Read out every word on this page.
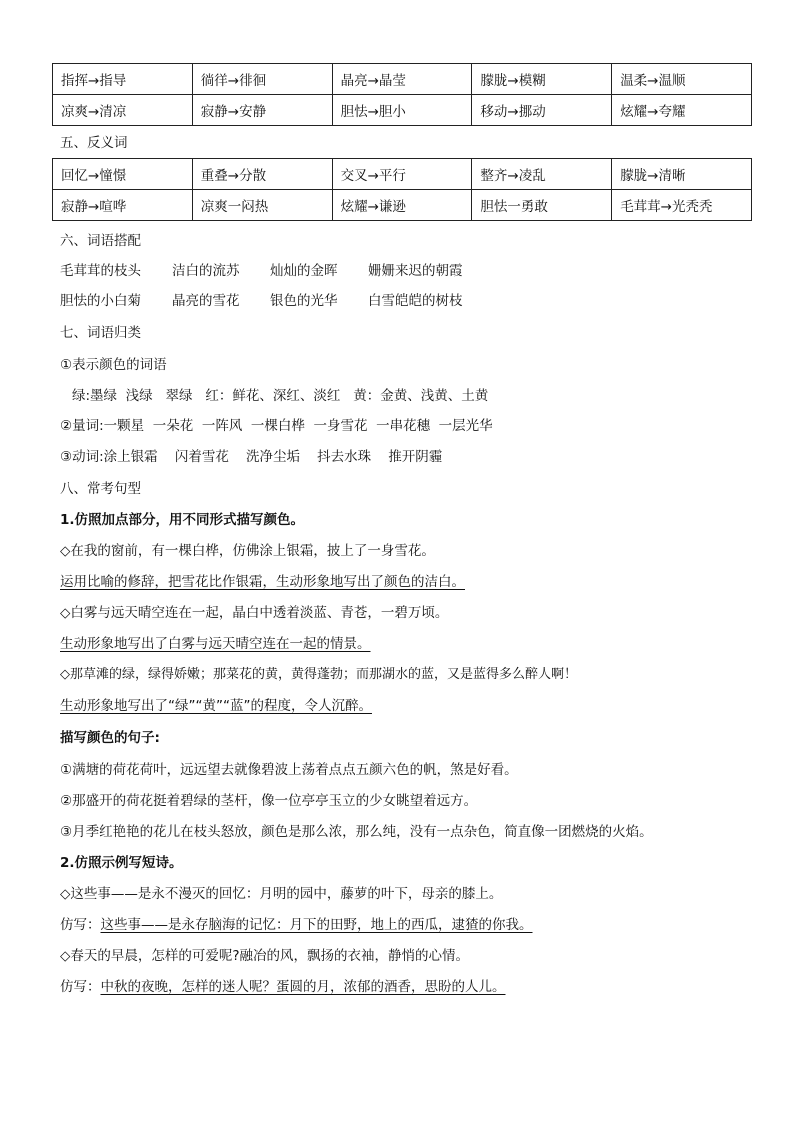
指挥→指导	徜徉→徘徊	晶亮→晶莹	朦胧→模糊	温柔→温顺
凉爽→清凉	寂静→安静	胆怯→胆小	移动→挪动	炫耀→夸耀
五、反义词
回忆→憧憬	重叠→分散	交叉→平行	整齐→凌乱	朦胧→清晰
寂静→喧哗	凉爽一闷热	炫耀→谦逊	胆怯一勇敢	毛茸茸→光秃秃
六、词语搭配
毛茸茸的枝头 洁白的流苏 灿灿的金晖 姗姗来迟的朝霞
胆怯的小白菊 晶亮的雪花 银色的光华 白雪皑皑的树枝
七、词语归类
①表示颜色的词语
绿:墨绿  浅绿   翠绿   红：鲜花、深红、淡红   黄：金黄、浅黄、土黄
②量词:一颗星  一朵花  一阵风  一棵白桦  一身雪花  一串花穗  一层光华
③动词:涂上银霜    闪着雪花    洗净尘垢    抖去水珠    推开阴霾
八、常考句型
1.仿照加点部分，用不同形式描写颜色。
◇在我的窗前，有一棵白桦，仿佛涂上银霜，披上了一身雪花。
运用比喻的修辞，把雪花比作银霜，生动形象地写出了颜色的洁白。
◇白雾与远天晴空连在一起，晶白中透着淡蓝、青苍，一碧万顷。
生动形象地写出了白雾与远天晴空连在一起的情景。
◇那草滩的绿，绿得娇嫩；那菜花的黄，黄得蓬勃；而那湖水的蓝，又是蓝得多么醉人啊！
生动形象地写出了“绿”“黄”“蓝”的程度，令人沉醉。
描写颜色的句子:
①满塘的荷花荷叶，远远望去就像碧波上荡着点点五颜六色的帆，煞是好看。
②那盛开的荷花挺着碧绿的茎杆，像一位亭亭玉立的少女眺望着远方。
③月季红艳艳的花儿在枝头怒放，颜色是那么浓，那么纯，没有一点杂色，简直像一团燃烧的火焰。
2.仿照示例写短诗。
◇这些事——是永不漫灭的回忆：月明的园中，藤萝的叶下，母亲的膝上。
仿写：这些事——是永存脑海的记忆：月下的田野，地上的西瓜，逮猹的你我。
◇春天的早晨，怎样的可爱呢?融冶的风，飘扬的衣袖，静悄的心情。
仿写：中秋的夜晚，怎样的迷人呢？蛋圆的月，浓郁的酒香，思盼的人儿。
